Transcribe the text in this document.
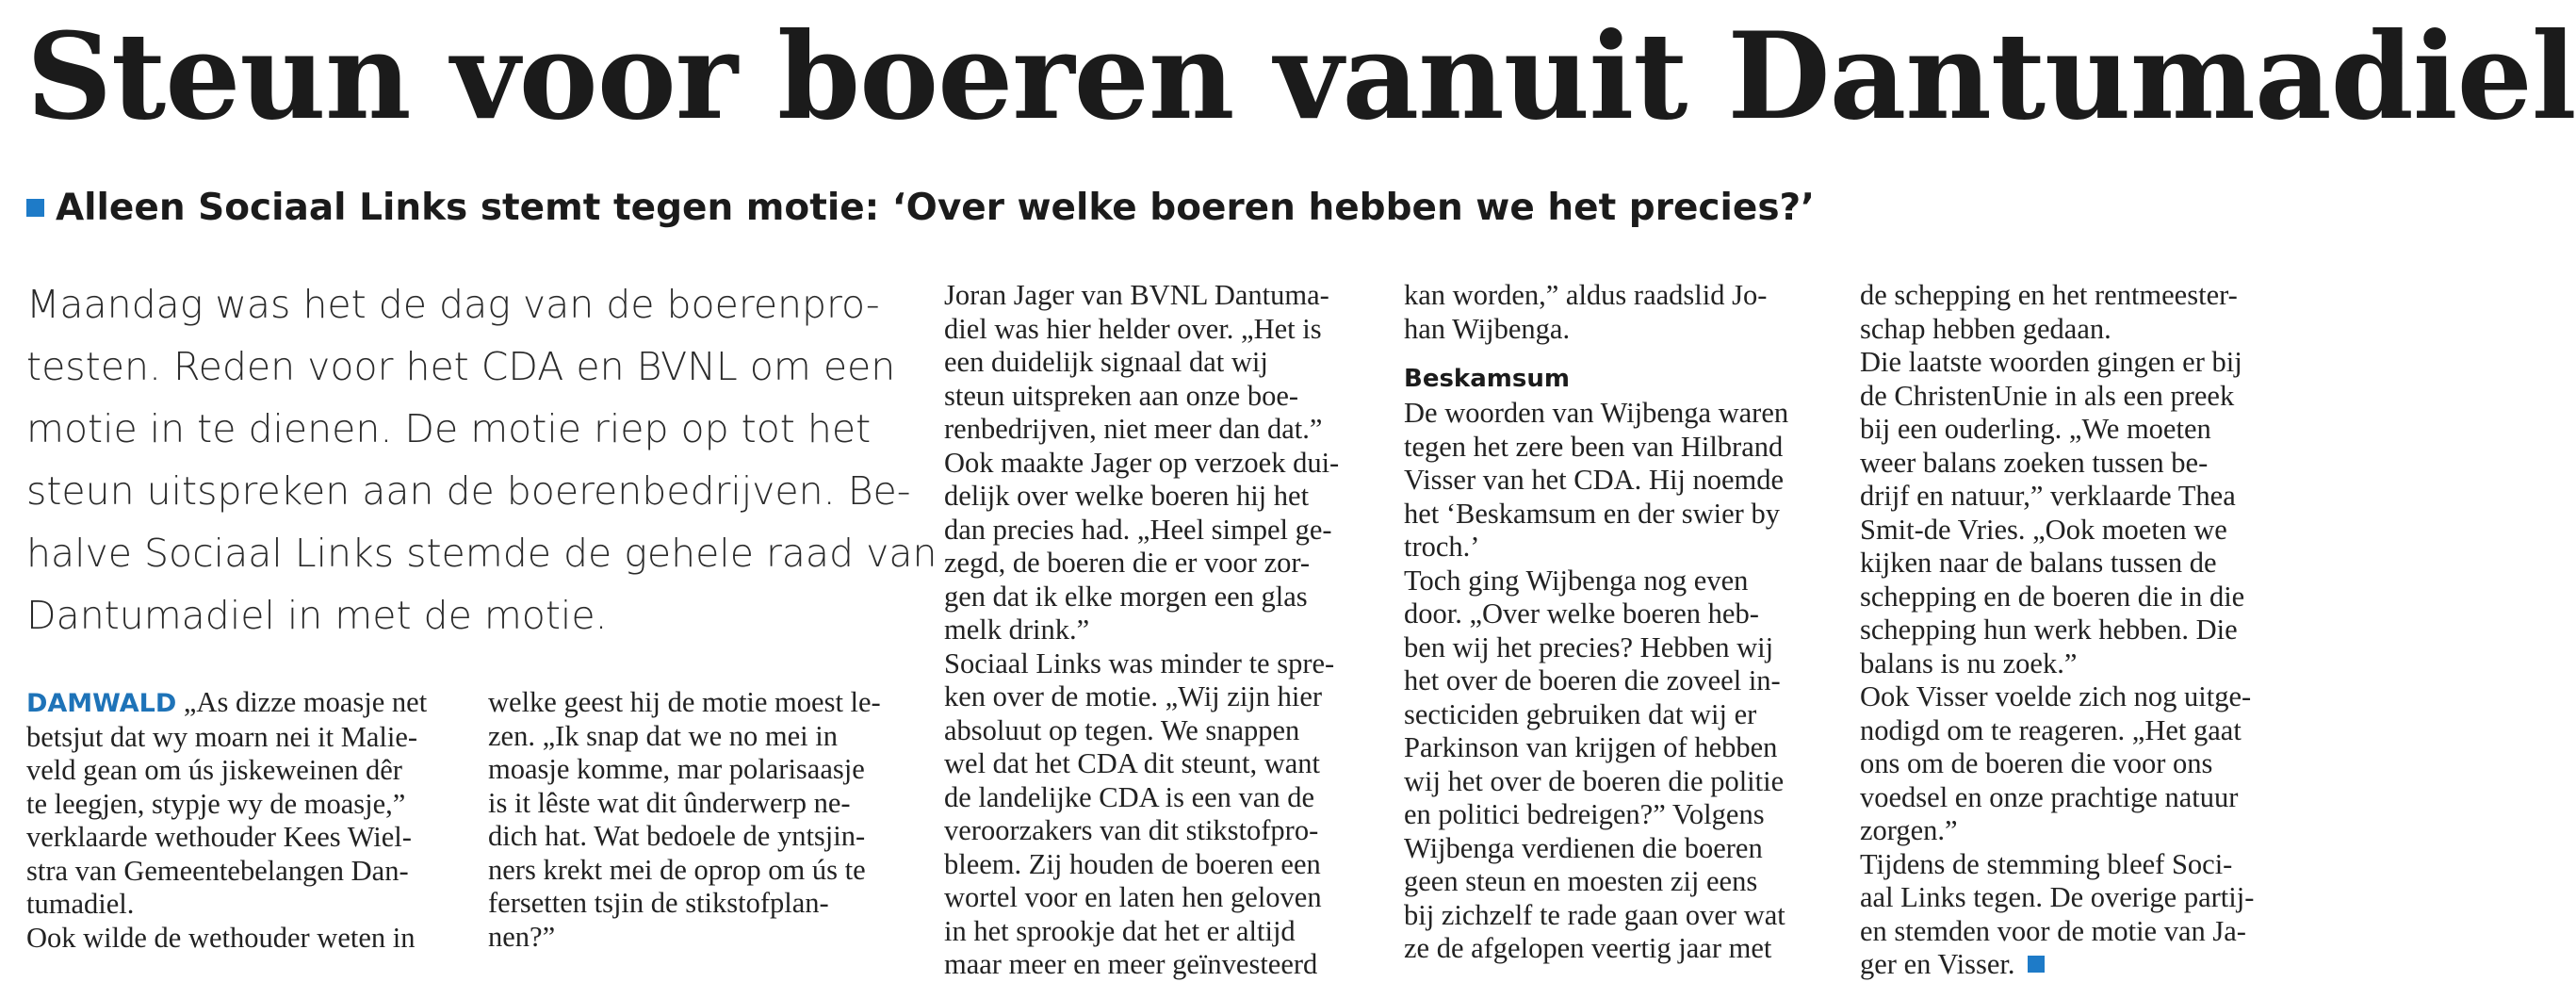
Steun voor boeren vanuit Dantumadiel
Alleen Sociaal Links stemt tegen motie: ‘Over welke boeren hebben we het precies?’
Maandag was het de dag van de boerenpro-
testen. Reden voor het CDA en BVNL om een
motie in te dienen. De motie riep op tot het
steun uitspreken aan de boerenbedrijven. Be-
halve Sociaal Links stemde de gehele raad van
Dantumadiel in met de motie.
DAMWALD „As dizze moasje net
betsjut dat wy moarn nei it Malie-
veld gean om ús jiskeweinen dêr
te leegjen, stypje wy de moasje,”
verklaarde wethouder Kees Wiel-
stra van Gemeentebelangen Dan-
tumadiel.
Ook wilde de wethouder weten in
welke geest hij de motie moest le-
zen. „Ik snap dat we no mei in
moasje komme, mar polarisaasje
is it lêste wat dit ûnderwerp ne-
dich hat. Wat bedoele de yntsjin-
ners krekt mei de oprop om ús te
fersetten tsjin de stikstofplan-
nen?”
Joran Jager van BVNL Dantuma-
diel was hier helder over. „Het is
een duidelijk signaal dat wij
steun uitspreken aan onze boe-
renbedrijven, niet meer dan dat.”
Ook maakte Jager op verzoek dui-
delijk over welke boeren hij het
dan precies had. „Heel simpel ge-
zegd, de boeren die er voor zor-
gen dat ik elke morgen een glas
melk drink.”
Sociaal Links was minder te spre-
ken over de motie. „Wij zijn hier
absoluut op tegen. We snappen
wel dat het CDA dit steunt, want
de landelijke CDA is een van de
veroorzakers van dit stikstofpro-
bleem. Zij houden de boeren een
wortel voor en laten hen geloven
in het sprookje dat het er altijd
maar meer en meer geïnvesteerd
kan worden,” aldus raadslid Jo-
han Wijbenga.
Beskamsum
De woorden van Wijbenga waren
tegen het zere been van Hilbrand
Visser van het CDA. Hij noemde
het ‘Beskamsum en der swier by
troch.’
Toch ging Wijbenga nog even
door. „Over welke boeren heb-
ben wij het precies? Hebben wij
het over de boeren die zoveel in-
secticiden gebruiken dat wij er
Parkinson van krijgen of hebben
wij het over de boeren die politie
en politici bedreigen?” Volgens
Wijbenga verdienen die boeren
geen steun en moesten zij eens
bij zichzelf te rade gaan over wat
ze de afgelopen veertig jaar met
de schepping en het rentmeester-
schap hebben gedaan.
Die laatste woorden gingen er bij
de ChristenUnie in als een preek
bij een ouderling. „We moeten
weer balans zoeken tussen be-
drijf en natuur,” verklaarde Thea
Smit-de Vries. „Ook moeten we
kijken naar de balans tussen de
schepping en de boeren die in die
schepping hun werk hebben. Die
balans is nu zoek.”
Ook Visser voelde zich nog uitge-
nodigd om te reageren. „Het gaat
ons om de boeren die voor ons
voedsel en onze prachtige natuur
zorgen.”
Tijdens de stemming bleef Soci-
aal Links tegen. De overige partij-
en stemden voor de motie van Ja-
ger en Visser.
